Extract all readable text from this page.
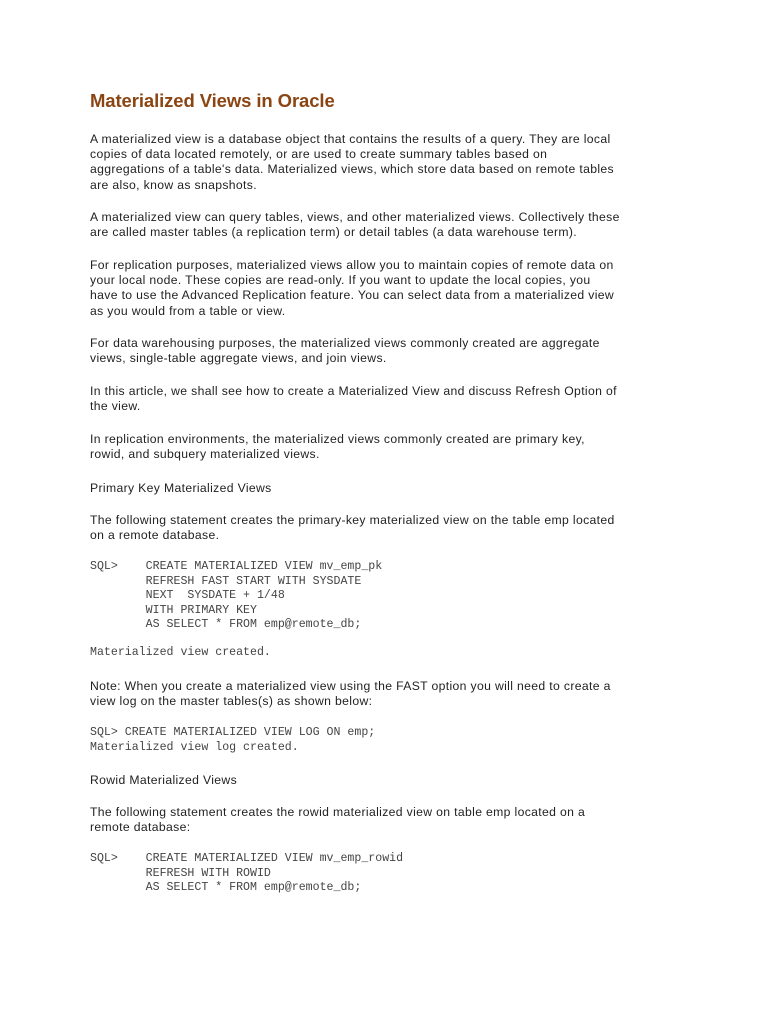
Materialized Views in Oracle

A materialized view is a database object that contains the results of a query. They are local
copies of data located remotely, or are used to create summary tables based on
aggregations of a table's data. Materialized views, which store data based on remote tables
are also, know as snapshots.

A materialized view can query tables, views, and other materialized views. Collectively these
are called master tables (a replication term) or detail tables (a data warehouse term).

For replication purposes, materialized views allow you to maintain copies of remote data on
your local node. These copies are read-only. If you want to update the local copies, you
have to use the Advanced Replication feature. You can select data from a materialized view
as you would from a table or view.

For data warehousing purposes, the materialized views commonly created are aggregate
views, single-table aggregate views, and join views.

In this article, we shall see how to create a Materialized View and discuss Refresh Option of
the view.

In replication environments, the materialized views commonly created are primary key,
rowid, and subquery materialized views.

Primary Key Materialized Views

The following statement creates the primary-key materialized view on the table emp located
on a remote database.

SQL>    CREATE MATERIALIZED VIEW mv_emp_pk
REFRESH FAST START WITH SYSDATE
NEXT  SYSDATE + 1/48
WITH PRIMARY KEY
AS SELECT * FROM emp@remote_db;
Materialized view created.

Note: When you create a materialized view using the FAST option you will need to create a
view log on the master tables(s) as shown below:

SQL> CREATE MATERIALIZED VIEW LOG ON emp;
Materialized view log created.

Rowid Materialized Views

The following statement creates the rowid materialized view on table emp located on a
remote database:

SQL>    CREATE MATERIALIZED VIEW mv_emp_rowid
REFRESH WITH ROWID
AS SELECT * FROM emp@remote_db;
